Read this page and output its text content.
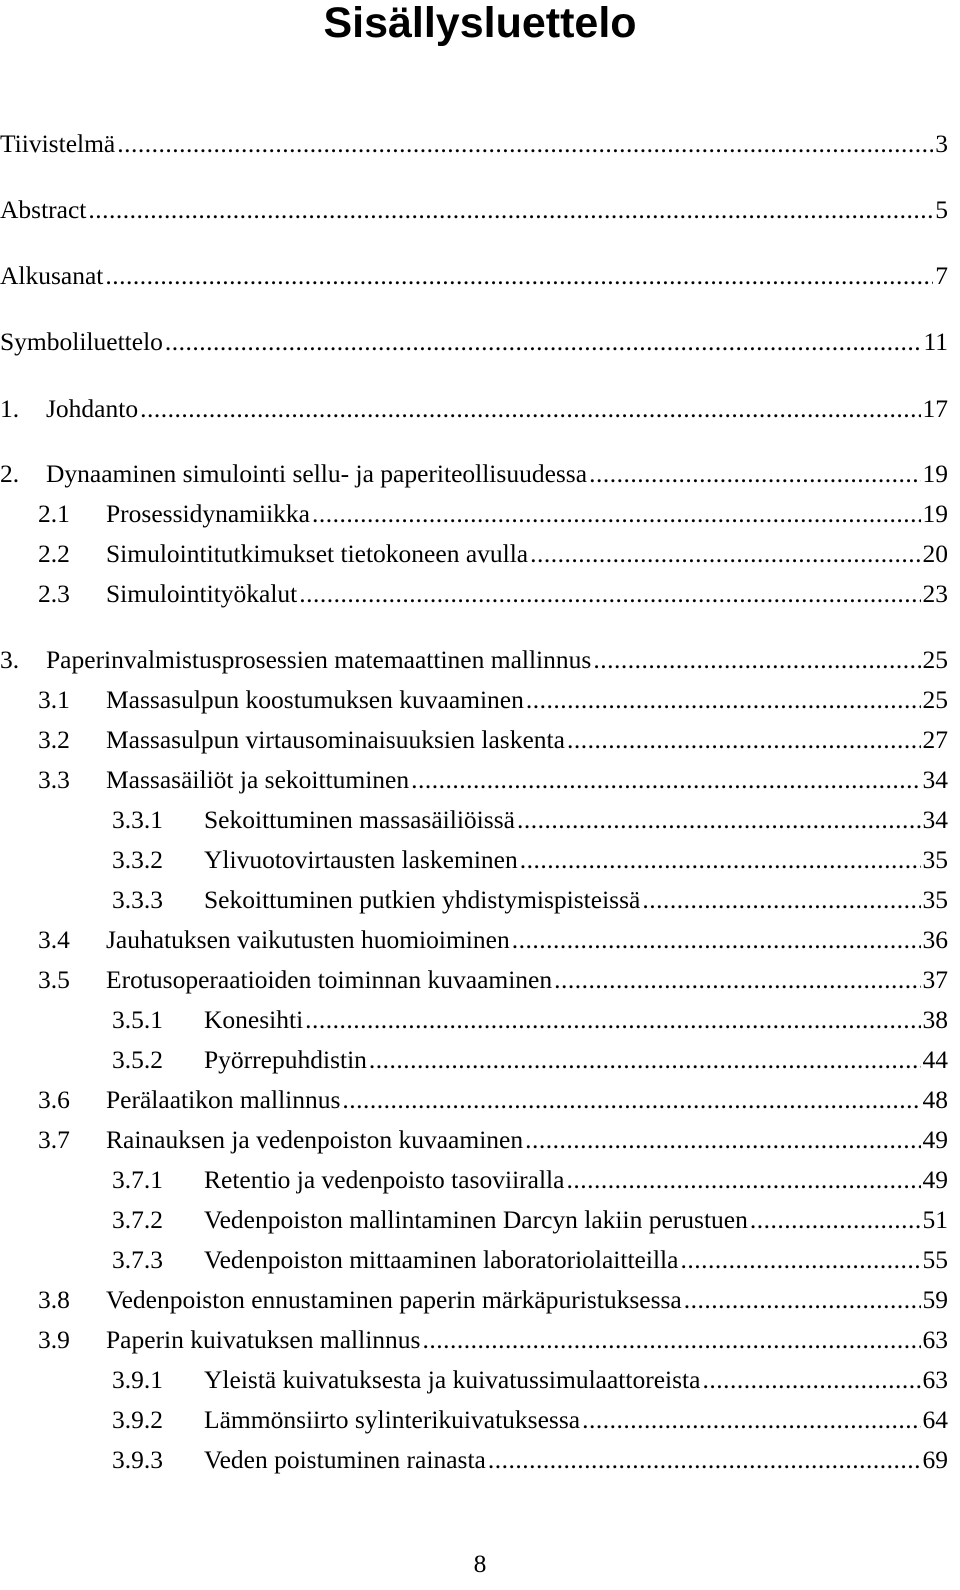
Sisällysluettelo
Tiivistelmä .....	3
Abstract .....	5
Alkusanat .....	7
Symboliluettelo .....	11
1.	Johdanto .....	17
2.	Dynaaminen simulointi sellu- ja paperiteollisuudessa .....	19
2.1	Prosessidynamiikka .....	19
2.2	Simulointitutkimukset tietokoneen avulla .....	20
2.3	Simulointityökalut .....	23
3.	Paperinvalmistusprosessien matemaattinen mallinnus .....	25
3.1	Massasulpun koostumuksen kuvaaminen .....	25
3.2	Massasulpun virtausominaisuuksien laskenta .....	27
3.3	Massasäiliöt ja sekoittuminen .....	34
3.3.1	Sekoittuminen massasäiliöissä .....	34
3.3.2	Ylivuotovirtausten laskeminen .....	35
3.3.3	Sekoittuminen putkien yhdistymispisteissä .....	35
3.4	Jauhatuksen vaikutusten huomioiminen .....	36
3.5	Erotusoperaatioiden toiminnan kuvaaminen .....	37
3.5.1	Konesihti .....	38
3.5.2	Pyörrepuhdistin .....	44
3.6	Perälaatikon mallinnus .....	48
3.7	Rainauksen ja vedenpoiston kuvaaminen .....	49
3.7.1	Retentio ja vedenpoisto tasoviiralla .....	49
3.7.2	Vedenpoiston mallintaminen Darcyn lakiin perustuen .....	51
3.7.3	Vedenpoiston mittaaminen laboratoriolaitteilla .....	55
3.8	Vedenpoiston ennustaminen paperin märkäpuristuksessa .....	59
3.9	Paperin kuivatuksen mallinnus .....	63
3.9.1	Yleistä kuivatuksesta ja kuivatussimulaattoreista .....	63
3.9.2	Lämmönsiirto sylinterikuivatuksessa .....	64
3.9.3	Veden poistuminen rainasta .....	69
8
